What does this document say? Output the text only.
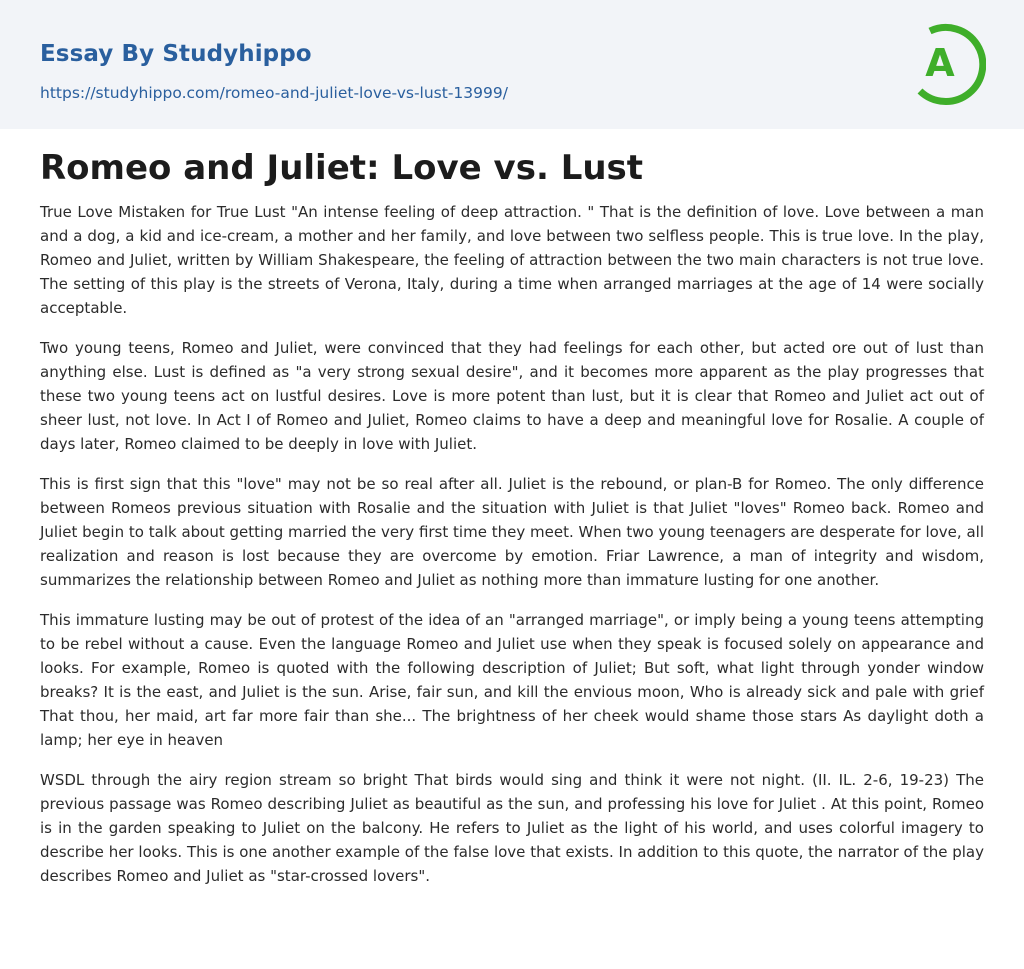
Essay By Studyhippo
https://studyhippo.com/romeo-and-juliet-love-vs-lust-13999/
A
Romeo and Juliet: Love vs. Lust

True Love Mistaken for True Lust "An intense feeling of deep attraction. " That is the definition of love. Love between a man and a dog, a kid and ice-cream, a mother and her family, and love between two selfless people. This is true love. In the play, Romeo and Juliet, written by William Shakespeare, the feeling of attraction between the two main characters is not true love. The setting of this play is the streets of Verona, Italy, during a time when arranged marriages at the age of 14 were socially acceptable.

Two young teens, Romeo and Juliet, were convinced that they had feelings for each other, but acted ore out of lust than anything else. Lust is defined as "a very strong sexual desire", and it becomes more apparent as the play progresses that these two young teens act on lustful desires. Love is more potent than lust, but it is clear that Romeo and Juliet act out of sheer lust, not love. In Act I of Romeo and Juliet, Romeo claims to have a deep and meaningful love for Rosalie. A couple of days later, Romeo claimed to be deeply in love with Juliet.

This is first sign that this "love" may not be so real after all. Juliet is the rebound, or plan-B for Romeo. The only difference between Romeos previous situation with Rosalie and the situation with Juliet is that Juliet "loves" Romeo back. Romeo and Juliet begin to talk about getting married the very first time they meet. When two young teenagers are desperate for love, all realization and reason is lost because they are overcome by emotion. Friar Lawrence, a man of integrity and wisdom, summarizes the relationship between Romeo and Juliet as nothing more than immature lusting for one another.

This immature lusting may be out of protest of the idea of an "arranged marriage", or imply being a young teens attempting to be rebel without a cause. Even the language Romeo and Juliet use when they speak is focused solely on appearance and looks. For example, Romeo is quoted with the following description of Juliet; But soft, what light through yonder window breaks? It is the east, and Juliet is the sun. Arise, fair sun, and kill the envious moon, Who is already sick and pale with grief That thou, her maid, art far more fair than she... The brightness of her cheek would shame those stars As daylight doth a lamp; her eye in heaven

WSDL through the airy region stream so bright That birds would sing and think it were not night. (II. IL. 2-6, 19-23) The previous passage was Romeo describing Juliet as beautiful as the sun, and professing his love for Juliet . At this point, Romeo is in the garden speaking to Juliet on the balcony. He refers to Juliet as the light of his world, and uses colorful imagery to describe her looks. This is one another example of the false love that exists. In addition to this quote, the narrator of the play describes Romeo and Juliet as "star-crossed lovers".
